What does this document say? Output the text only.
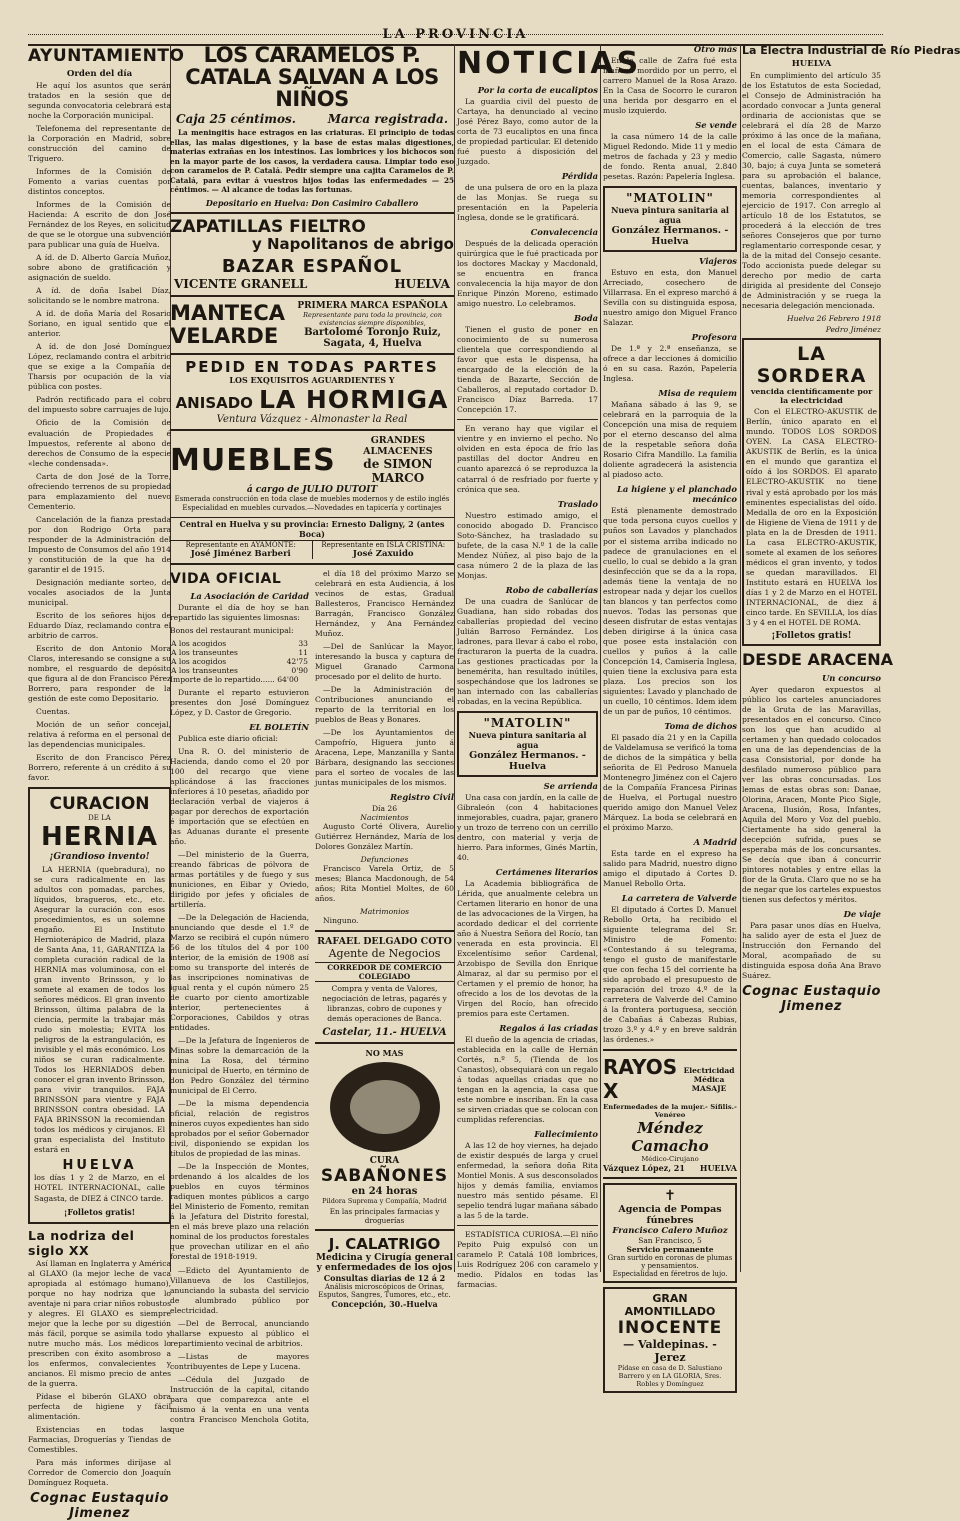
LA PROVINCIA
AYUNTAMIENTO
Orden del día

He aquí los asuntos que serán tratados en la sesión que de segunda convocatoria celebrará esta noche la Corporación municipal.

Telefonema del representante de la Corporación en Madrid, sobre construcción del camino de Triguero.

Informes de la Comisión de Fomento a varias cuentas por distintos conceptos.

Informes de la Comisión de Hacienda: A escrito de don José Fernández de los Reyes, en solicitud de que se le otorgue una subvención para publicar una guía de Huelva.

A íd. de D. Alberto García Muñoz, sobre abono de gratificación y asignación de sueldo.

A íd. de doña Isabel Díaz, solicitando se le nombre matrona.

A íd. de doña María del Rosario Soriano, en igual sentido que el anterior.

A íd. de don José Domínguez López, reclamando contra el arbitrio que se exige a la Compañía de Tharsis por ocupación de la vía pública con postes.

Padrón rectificado para el cobro del impuesto sobre carruajes de lujo.

Oficio de la Comisión de evaluación de Propiedades é Impuestos, referente al abono de derechos de Consumo de la especie «leche condensada».

Carta de don José de la Torre, ofreciendo terrenos de su propiedad para emplazamiento del nuevo Cementerio.

Cancelación de la fianza prestada por don Rodrigo Orta para responder de la Administración del Impuesto de Consumos del año 1914 y constitución de la que ha de garantir el de 1915.

Designación mediante sorteo, de vocales asociados de la Junta municipal.

Escrito de los señores hijos de Eduardo Díaz, reclamando contra el arbitrio de carros.

Escrito de don Antonio Mora Claros, interesando se consigne a su nombre, el resguardo de depósito que figura al de don Francisco Pérez Borrero, para responder de la gestión de este como Depositario.

Cuentas.

Moción de un señor concejal, relativa á reforma en el personal de las dependencias municipales.

Escrito de don Francisco Pérez Borrero, referente á un crédito á su favor.

CURACION
DE LA
HERNIA
¡Grandioso invento!

LA HERNIA (quebradura), no se cura radicalmente en las adultos con pomadas, parches, líquidos, bragueros, etc., etc. Asegurar la curación con esos procedimientos, es un solemne engaño. El Instituto Hernioterápico de Madrid, plaza de Santa Ana, 11, GARANTIZA la completa curación radical de la HERNIA mas voluminosa, con el gran invento Brinsson, y lo somete al examen de todos los señores médicos. El gran invento Brinsson, última palabra de la ciencia, permite la trabajar más rudo sin molestia; EVITA los peligros de la estrangulación, es invisible y el más económico. Los niños se curan radicalmente. Todos los HERNIADOS deben conocer el gran invento Brinsson, para vivir tranquilos. FAJA BRINSSON para vientre y FAJA BRINSSON contra obesidad. LA FAJA BRINSSON la recomiendan todos los médicos y cirujanos. El gran especialista del Instituto estará en

HUELVA

los días 1 y 2 de Marzo, en el HOTEL INTERNACIONAL, calle Sagasta, de DIEZ á CINCO tarde.

¡Folletos gratis!
La nodriza del siglo XX

Así llaman en Inglaterra y América al GLAXO (la mejor leche de vaca apropiada al estómago humano), porque no hay nodriza que lo aventaje ni para criar niños robustos y alegres. El GLAXO es siempre mejor que la leche por su digestión más fácil, porque se asimila todo y nutre mucho más. Los médicos lo prescriben con éxito asombroso a los enfermos, convalecientes y ancianos. El mismo precio de antes de la guerra.

Pídase el biberón GLAXO obra perfecta de higiene y fácil alimentación.

Existencias en todas las Farmacias, Droguerías y Tiendas de Comestibles.

Para más informes diríjase al Corredor de Comercio don Joaquín Domínguez Roqueta.

Cognac Eustaquio Jimenez
LOS CARAMELOS P. CATALA SALVAN A LOS NIÑOS
Caja 25 céntimos.	Marca registrada.

La meningitis hace estragos en las criaturas. El principio de todas ellas, las malas digestiones, y la base de estas malas digestiones, materias extrañas en los intestinos. Las lombrices y los bichocos son en la mayor parte de los casos, la verdadera causa. Limpiar todo eso con caramelos de P. Catalá. Pedir siempre una cajita Caramelos de P. Catalá, para evitar á vuestros hijos todas las enfermedades — 25 céntimos. — Al alcance de todas las fortunas.

Depositario en Huelva: Don Casimiro Caballero
ZAPATILLAS FIELTRO
y Napolitanos de abrigo
BAZAR ESPAÑOL
VICENTE GRANELL	HUELVA
MANTECA
VELARDE
PRIMERA MARCA ESPAÑOLA
Representante para toda la provincia, con existencias siempre disponibles,
Bartolomé Toronjo Ruiz, Sagata, 4, Huelva
PEDID EN TODAS PARTES
LOS EXQUISITOS AGUARDIENTES Y
ANISADO LA HORMIGA
Ventura Vázquez - Almonaster la Real
MUEBLES
GRANDES ALMACENES
de SIMON MARCO
á cargo de JULIO DUTOIT

Esmerada construcción en toda clase de muebles modernos y de estilo inglés Especialidad en muebles curvados.—Novedades en tapicería y cortinajes

Central en Huelva y su provincia: Ernesto Daligny, 2 (antes Boca)
Representante en AYAMONTE:
José Jiménez Barberi
Representante en ISLA CRISTINA:
José Zaxuido
VIDA OFICIAL
La Asociación de Caridad

Durante el día de hoy se han repartido las siguientes limosnas:

Bonos del restaurant municipal:

A los acogidos	33
A los transeuntes	11
A los acogidos	42'75
A los transeuntes	0'90

Importe de lo repartido...... 64'00

Durante el reparto estuvieron presentes don José Domínguez López, y D. Castor de Gregorio.

EL BOLETÍN

Publica este diario oficial:

Una R. O. del ministerio de Hacienda, dando como el 20 por 100 del recargo que viene aplicándose á las fracciones inferiores á 10 pesetas, añadido por declaración verbal de viajeros á pagar por derechos de exportación é importación que se efectúen en las Aduanas durante el presente año.

—Del ministerio de la Guerra, creando fábricas de pólvora de armas portátiles y de fuego y sus municiones, en Eibar y Oviedo, dirigido por jefes y oficiales de artillería.

—De la Delegación de Hacienda, anunciando que desde el 1.º de Marzo se recibirá el cupón número 56 de los títulos del 4 por 100 interior, de la emisión de 1908 así como su transporte del interés de las inscripciones nominativas de igual renta y el cupón número 25 de cuarto por ciento amortizable interior, pertenecientes á Corporaciones, Cabildos y otras entidades.

—De la Jefatura de Ingenieros de Minas sobre la demarcación de la mina La Rosa, del término municipal de Huerto, en término de don Pedro González del término municipal de El Cerro.

—De la misma dependencia oficial, relación de registros mineros cuyos expedientes han sido aprobados por el señor Gobernador civil, disponiendo se expidan los títulos de propiedad de las minas.

—De la Inspección de Montes, ordenando á los alcaldes de los pueblos en cuyos términos radiquen montes públicos a cargo del Ministerio de Fomento, remitan á la Jefatura del Distrito forestal, en el más breve plazo una relación nominal de los productos forestales que provechan utilizar en el año forestal de 1918-1919.

—Edicto del Ayuntamiento de Villanueva de los Castillejos, anunciando la subasta del servicio de alumbrado público por electricidad.

—Del de Berrocal, anunciando hallarse expuesto al público el repartimiento vecinal de arbitrios.

—Listas de mayores contribuyentes de Lepe y Lucena.

—Cédula del Juzgado de Instrucción de la capital, citando para que comparezca ante el mismo á la venta en una venta contra Francisco Menchola Gotita, que

el día 18 del próximo Marzo se celebrará en esta Audiencia, á los vecinos de estas, Gradual Ballesteros, Francisco Hernández Barragán, Francisco González Hernández, y Ana Fernández Muñoz.

—Del de Sanlúcar la Mayor, interesando la busca y captura de Miguel Granado Carmona procesado por el delito de hurto.

—De la Administración de Contribuciones anunciando el reparto de la territorial en los pueblos de Beas y Bonares.

—De los Ayuntamientos de Campofrío, Higuera junto á Aracena, Lepe, Manzanilla y Santa Bárbara, designando las secciones para el sorteo de vocales de las juntas municipales de los mismos.

Registro Civil
Día 26
Nacimientos

Augusto Corté Olivera, Aurelio Gutiérrez Hernández, María de los Dolores González Martín.

Defunciones

Francisco Varela Ortiz, de 5 meses; Blanca Macdonough, de 54 años; Rita Montiel Moltes, de 60 años.

Matrimonios

Ninguno.

RAFAEL DELGADO COTO
Agente de Negocios
CORREDOR DE COMERCIO COLEGIADO

Compra y venta de Valores, negociación de letras, pagarés y libranzas, cobro de cupones y demás operaciones de Banca.

Castelar, 11.- HUELVA
NO MAS
CURA
SABAÑONES
en 24 horas
Pildora Suprema y Compañía, Madrid
En las principales farmacias y droguerías
J. CALATRIGO
Medicina y Cirugía general
y enfermedades de los ojos
Consultas diarias de 12 á 2
Análisis microscópicos de Orinas, Esputos, Sangres, Tumores, etc., etc.
Concepción, 30.-Huelva
NOTICIAS
Por la corta de eucaliptos

La guardia civil del puesto de Cartaya, ha denunciado al vecino José Pérez Bayo, como autor de la corta de 73 eucaliptos en una finca de propiedad particular. El detenido fué puesto á disposición del Juzgado.

Pérdida

de una pulsera de oro en la plaza de las Monjas. Se ruega su presentación en la Papelería Inglesa, donde se le gratificará.

Convalecencia

Después de la delicada operación quirúrgica que le fué practicada por los doctores Mackay y Macdonald, se encuentra en franca convalecencia la hija mayor de don Enrique Pinzón Moreno, estimado amigo nuestro. Lo celebramos.

Boda

Tienen el gusto de poner en conocimiento de su numerosa clientela que correspondiendo al favor que esta le dispensa, ha encargado de la elección de la tienda de Bazarte, Sección de Caballeros, al reputado cortador D. Francisco Díaz Barreda. 17 Concepción 17.

En verano hay que vigilar el vientre y en invierno el pecho. No olviden en esta época de frío las pastillas del doctor Andreu en cuanto aparezcá ó se reproduzca la catarral ó de resfriado por fuerte y crónica que sea.

Traslado

Nuestro estimado amigo, el conocido abogado D. Francisco Soto-Sánchez, ha trasladado su bufete, de la casa N.º 1 de la calle Mendez Núñez, al piso bajo de la casa número 2 de la plaza de las Monjas.

Robo de caballerías

De una cuadra de Sanlúcar de Guadiana, han sido robadas dos caballerías propiedad del vecino Julián Barroso Fernández. Los ladrones, para llevar á cabo el robo, fracturaron la puerta de la cuadra. Las gestiones practicadas por la benemérita, han resultado inútiles, sospechándose que los ladrones se han internado con las caballerías robadas, en la vecina República.

"MATOLIN"
Nueva pintura sanitaria al agua
González Hermanos. - Huelva
Se arrienda

Una casa con jardín, en la calle de Gibraleón (con 4 habitaciones inmejorables, cuadra, pajar, granero y un trozo de terreno con un cerrillo dentro, con material y verja de hierro. Para informes, Ginés Martín, 40.

Certámenes literarios

La Academia bibliográfica de Lérida, que anualmente celebra un Certamen literario en honor de una de las advocaciones de la Virgen, ha acordado dedicar el del corriente año á Nuestra Señora del Rocío, tan venerada en esta provincia. El Excelentísimo señor Cardenal, Arzobispo de Sevilla don Enrique Almaraz, al dar su permiso por el Certamen y el premio de honor, ha ofrecido a los de los devotas de la Virgen del Rocío, han ofrecido premios para este Certamen.

Regalos á las criadas

El dueño de la agencia de criadas, establecida en la calle de Hernán Cortés, n.º 5, (Tienda de los Canastos), obsequiará con un regalo á todas aquellas criadas que no tengan en la agencia, la casa que este nombre e inscriban. En la casa se sirven criadas que se colocan con cumplidas referencias.

Fallecimiento

A las 12 de hoy viernes, ha dejado de existir después de larga y cruel enfermedad, la señora doña Rita Montiel Monis. A sus desconsolados hijos y demás familia, enviamos nuestro más sentido pésame. El sepelio tendrá lugar mañana sábado a las 5 de la tarde.

ESTADÍSTICA CURIOSA.—El niño Pepito Puig expulsó con un caramelo P. Catalá 108 lombrices, Luis Rodríguez 206 con caramelo y medio. Pídalos en todas las farmacias.

Otro más

En la calle de Zafra fué esta mañana mordido por un perro, el carrero Manuel de la Rosa Arazo. En la Casa de Socorro le curaron una herida por desgarro en el muslo izquierdo.

Se vende

la casa número 14 de la calle Miguel Redondo. Mide 11 y medio metros de fachada y 23 y medio de fondo. Renta anual, 2.840 pesetas. Razón: Papelería Inglesa.

"MATOLIN"
Nueva pintura sanitaria al agua
González Hermanos. - Huelva
Viajeros

Estuvo en esta, don Manuel Arreciado, cosechero de Villarrasa. En el expreso marchó á Sevilla con su distinguida esposa, nuestro amigo don Miguel Franco Salazar.

Profesora

De 1.ª y 2.ª enseñanza, se ofrece a dar lecciones á domicilio ó en su casa. Razón, Papelería Inglesa.

Misa de requiem

Mañana sábado á las 9, se celebrará en la parroquia de la Concepción una misa de requiem por el eterno descanso del alma de la respetable señora doña Rosario Cifra Mandillo. La familia doliente agradecerá la asistencia al piadoso acto.

La higiene y el planchado mecánico

Está plenamente demostrado que toda persona cuyos cuellos y puños son Lavados y planchados por el sistema arriba indicado no padece de granulaciones en el cuello, lo cual se debido a la gran desinfección que se da a la ropa, además tiene la ventaja de no estropear nada y dejar los cuellos tan blancos y tan perfectos como nuevos. Todas las personas que deseen disfrutar de estas ventajas deben dirigirse á la única casa que posee esta instalación con cuellos y puños á la calle Concepción 14, Camisería Inglesa, quien tiene la exclusiva para esta plaza. Los precios son los siguientes: Lavado y planchado de un cuello, 10 céntimos. Idem idem de un par de puños, 10 céntimos.

Toma de dichos

El pasado día 21 y en la Capilla de Valdelamusa se verificó la toma de dichos de la simpática y bella señorita de El Pedroso Manuela Montenegro Jiménez con el Cajero de la Compañía Francesa Pirinas de Huelva, el Portugal nuestro querido amigo don Manuel Velez Márquez. La boda se celebrará en el próximo Marzo.

A Madrid

Esta tarde en el expreso ha salido para Madrid, nuestro digno amigo el diputado á Cortes D. Manuel Rebollo Orta.

La carretera de Valverde

El diputado á Cortes D. Manuel Rebollo Orta, ha recibido el siguiente telegrama del Sr. Ministro de Fomento: «Contestando á su telegrama, tengo el gusto de manifestarle que con fecha 15 del corriente ha sido aprobado el presupuesto de reparación del trozo 4.º de la carretera de Valverde del Camino á la frontera portuguesa, sección de Cabañas á Cabezas Rubias, trozo 3.º y 4.º y en breve saldrán las órdenes.»

RAYOS X
Electricidad Médica
MASAJE
Enfermedades de la mujer.- Sífilis.- Venéreo
Méndez Camacho
Médico-Cirujano
Vázquez López, 21 HUELVA
✝
Agencia de Pompas fúnebres
Francisco Calero Muñoz
San Francisco, 5
Servicio permanente
Gran surtido en coronas de plumas y pensamientos.
Especialidad en féretros de lujo.
GRAN AMONTILLADO
INOCENTE
— Valdepinas. - Jerez
Pídase en casa de D. Salustiano Barrero y en LA GLORIA, Sres. Robles y Domínguez
La Electra Industrial de Río Piedras
HUELVA

En cumplimiento del artículo 35 de los Estatutos de esta Sociedad, el Consejo de Administración ha acordado convocar a Junta general ordinaria de accionistas que se celebrará el día 28 de Marzo próximo á las once de la mañana, en el local de esta Cámara de Comercio, calle Sagasta, número 30, bajo; á cuya Junta se someterá para su aprobación el balance, cuentas, balances, inventario y memoria correspondientes al ejercicio de 1917. Con arreglo al artículo 18 de los Estatutos, se procederá á la elección de tres señores Consejeros que por turno reglamentario corresponde cesar, y la de la mitad del Consejo cesante. Todo accionista puede delegar su derecho por medio de carta dirigida al presidente del Consejo de Administración y se ruega la necesaria delegación mencionada.

Huelva 26 Febrero 1918
Pedro Jiménez
LA SORDERA
vencida científicamente por la electricidad

Con el ELECTRO-AKUSTIK de Berlín, único aparato en el mundo. TODOS LOS SORDOS OYEN. La CASA ELECTRO-AKUSTIK de Berlín, es la única en el mundo que garantiza el oído á los SORDOS. El aparato ELECTRO-AKUSTIK no tiene rival y está aprobado por los más eminentes especialistas del oído. Medalla de oro en la Exposición de Higiene de Viena de 1911 y de plata en la de Dresden de 1911. La casa ELECTRO-AKUSTIK, somete al examen de los señores médicos el gran invento, y todos se quedan maravillados. El Instituto estará en HUELVA los días 1 y 2 de Marzo en el HOTEL INTERNACIONAL, de diez á cinco tarde. En SEVILLA, los días 3 y 4 en el HOTEL DE ROMA.

¡Folletos gratis!
DESDE ARACENA
Un concurso

Ayer quedaron expuestos al público los carteles anunciadores de la Gruta de las Maravillas, presentados en el concurso. Cinco son los que han acudido al certamen y han quedado colocados en una de las dependencias de la casa Consistorial, por donde ha desfilado numeroso público para ver las obras concursadas. Los lemas de estas obras son: Danae, Olorina, Aracen, Monte Pico Sigle, Aracena, Ilusión, Rosa, Infantes, Aquila del Moro y Voz del pueblo. Ciertamente ha sido general la decepción sufrida, pues se esperaba más de los concursantes. Se decía que iban á concurrir pintores notables y entre ellas la flor de la Gruta. Claro que no se ha de negar que los carteles expuestos tienen sus defectos y méritos.

De viaje

Para pasar unos días en Huelva, ha salido ayer de esta el Juez de Instrucción don Fernando del Moral, acompañado de su distinguida esposa doña Ana Bravo Suárez.

Cognac Eustaquio Jimenez
